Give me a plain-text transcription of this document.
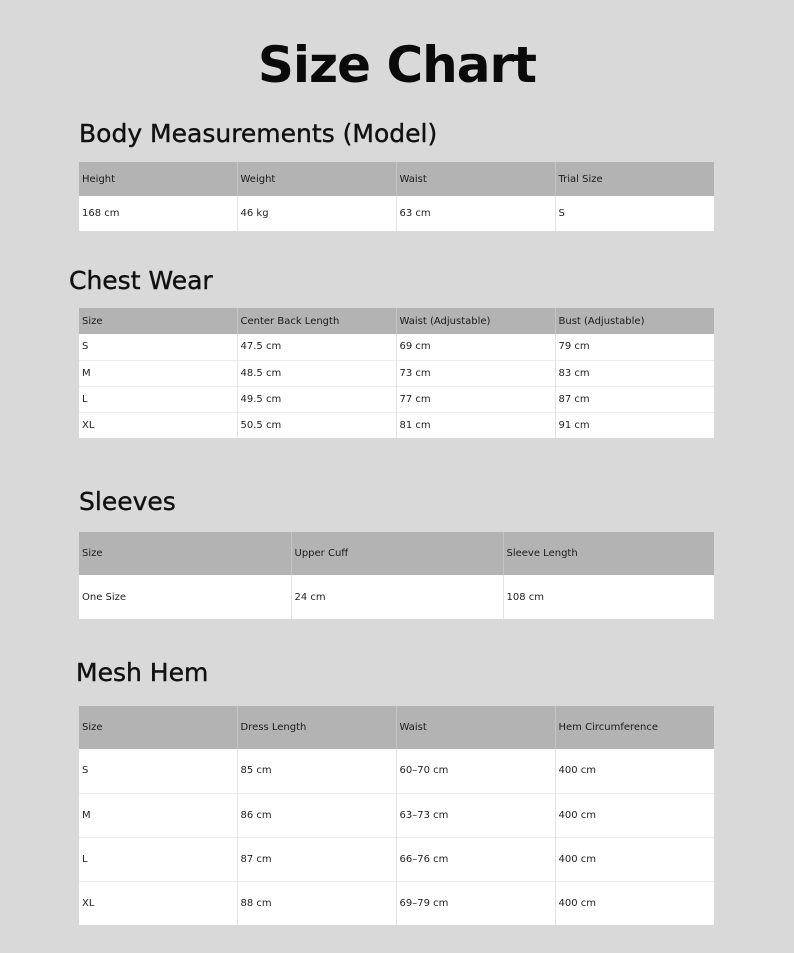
Size Chart
Body Measurements (Model)
Height	Weight	Waist	Trial Size
168 cm	46 kg	63 cm	S
Chest Wear
Size	Center Back Length	Waist (Adjustable)	Bust (Adjustable)
S	47.5 cm	69 cm	79 cm
M	48.5 cm	73 cm	83 cm
L	49.5 cm	77 cm	87 cm
XL	50.5 cm	81 cm	91 cm
Sleeves
Size	Upper Cuff	Sleeve Length
One Size	24 cm	108 cm
Mesh Hem
Size	Dress Length	Waist	Hem Circumference
S	85 cm	60–70 cm	400 cm
M	86 cm	63–73 cm	400 cm
L	87 cm	66–76 cm	400 cm
XL	88 cm	69–79 cm	400 cm
